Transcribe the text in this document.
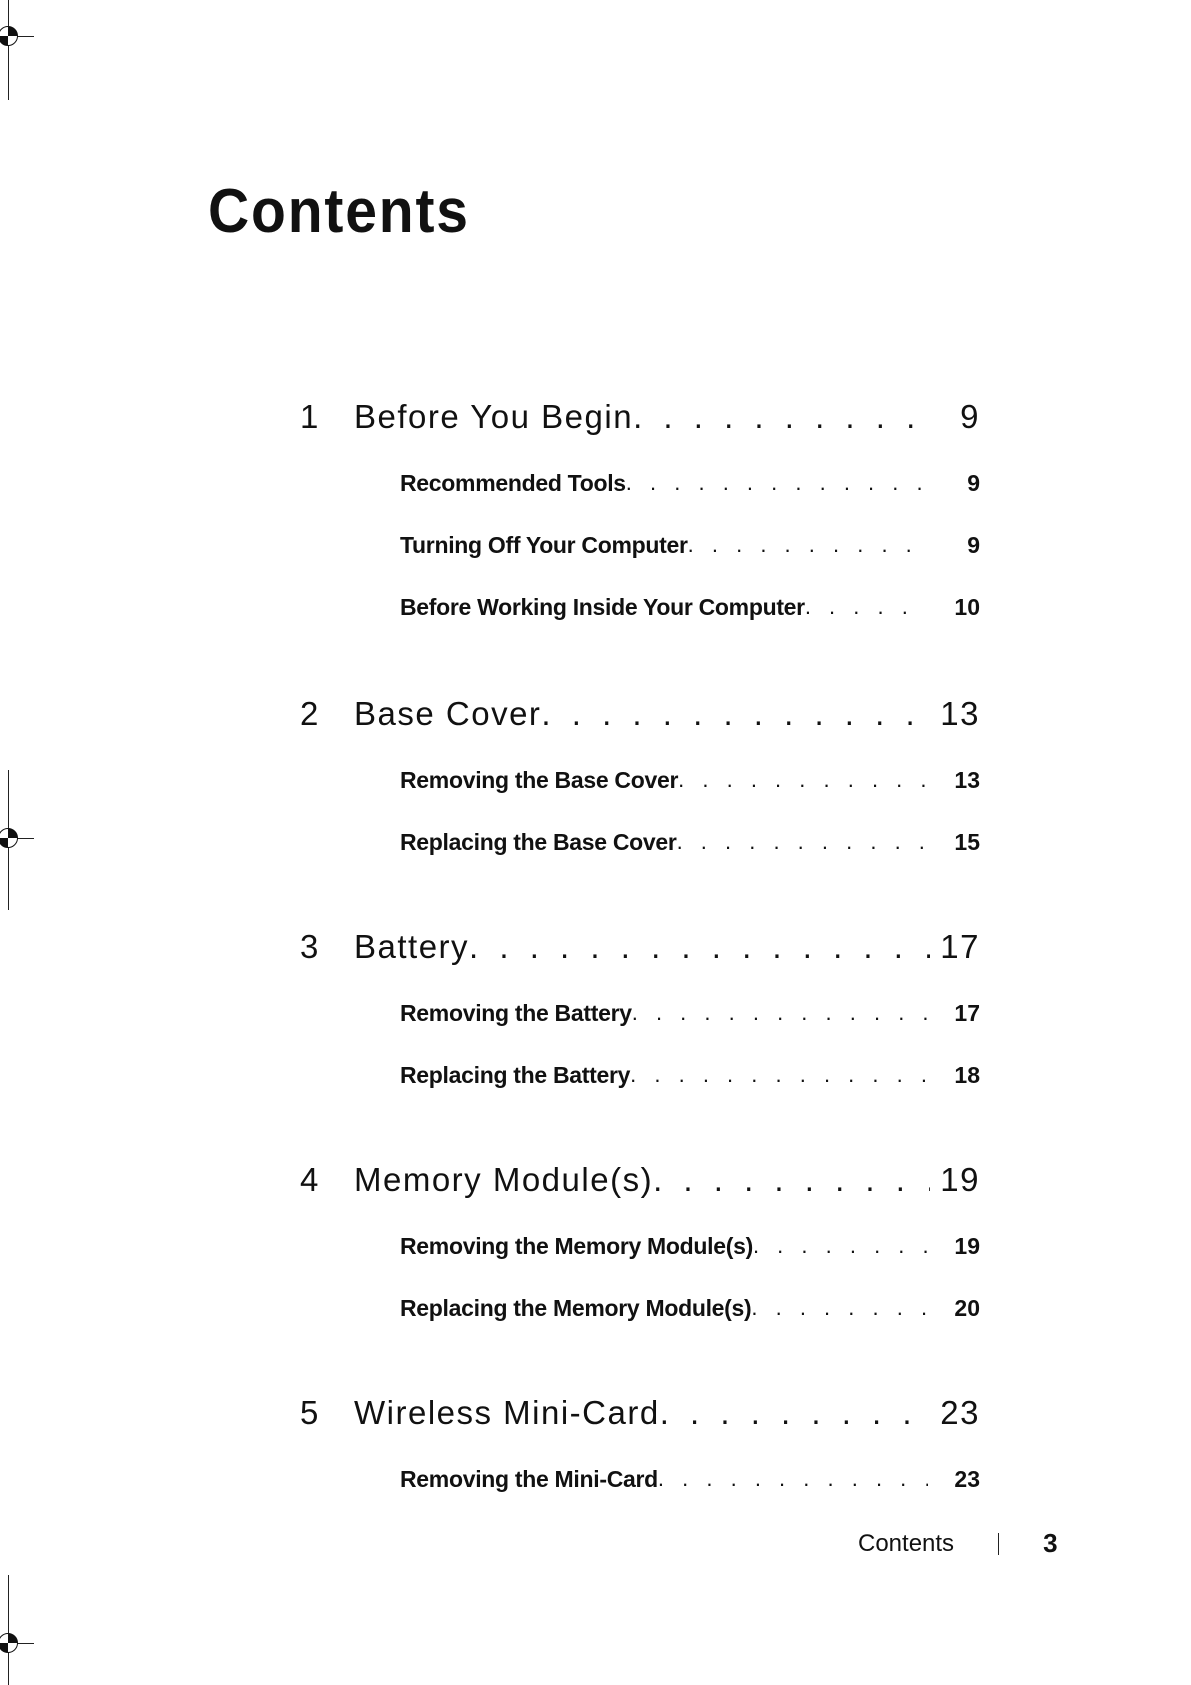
Contents
1	Before You Begin . . .	9
Recommended Tools . . .	9
Turning Off Your Computer . . .	9
Before Working Inside Your Computer . . .	10
2	Base Cover . . .	13
Removing the Base Cover . . .	13
Replacing the Base Cover . . .	15
3	Battery . . .	17
Removing the Battery . . .	17
Replacing the Battery . . .	18
4	Memory Module(s) . . .	19
Removing the Memory Module(s) . . .	19
Replacing the Memory Module(s) . . .	20
5	Wireless Mini-Card . . .	23
Removing the Mini-Card . . .	23
Contents	3
